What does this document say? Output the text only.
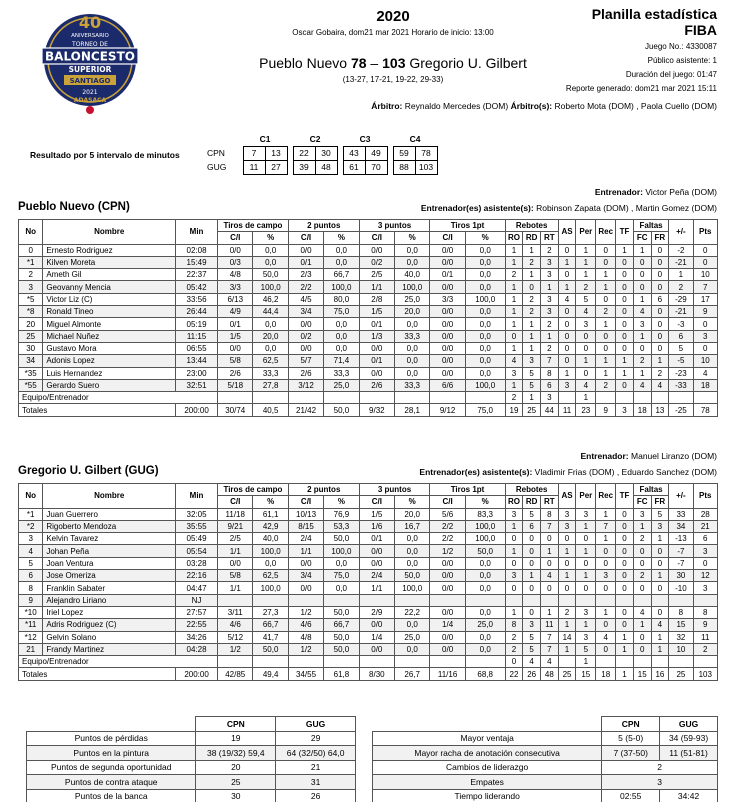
40
ANIVERSARIO
TORNEO DE
BALONCESTO
SUPERIOR
SANTIAGO
2021
ADASACA
2020
Oscar Gobaira, dom21 mar 2021 Horario de inicio: 13:00
Pueblo Nuevo 78 – 103 Gregorio U. Gilbert
(13-27, 17-21, 19-22, 29-33)
Planilla estadística
FIBA
Juego No.: 4330087
Público asistente: 1
Duración del juego: 01:47
Reporte generado: dom21 mar 2021 15:11
Árbitro: Reynaldo Mercedes (DOM) Árbitro(s): Roberto Mota (DOM) , Paola Cuello (DOM)
Resultado por 5 intervalo de minutos
	C1			C2			C3			C4	
CPN	7	13		22	30		43	49		59	78
GUG	11	27		39	48		61	70		88	103
Entrenador: Victor Peña (DOM)
Pueblo Nuevo (CPN)	Entrenador(es) asistente(s): Robinson Zapata (DOM) , Martin Gomez (DOM)
No	Nombre	Min	Tiros de campo		2 puntos		3 puntos		Tiros 1pt		Rebotes			AS	Per	Rec	TF	Faltas		+/-	Pts
			C/I	%	C/I	%	C/I	%	C/I	%	RO	RD	RT					FC	FR		
0	Ernesto Rodriguez	02:08	0/0	0,0	0/0	0,0	0/0	0,0	0/0	0,0	1	1	2	0	1	0	1	1	0	-2	0
*1	Kilven Moreta	15:49	0/3	0,0	0/1	0,0	0/2	0,0	0/0	0,0	1	2	3	1	1	0	0	0	0	-21	0
2	Ameth Gil	22:37	4/8	50,0	2/3	66,7	2/5	40,0	0/1	0,0	2	1	3	0	1	1	0	0	0	1	10
3	Geovanny Mencia	05:42	3/3	100,0	2/2	100,0	1/1	100,0	0/0	0,0	1	0	1	1	2	1	0	0	0	2	7
*5	Victor Liz (C)	33:56	6/13	46,2	4/5	80,0	2/8	25,0	3/3	100,0	1	2	3	4	5	0	0	1	6	-29	17
*8	Ronald Tineo	26:44	4/9	44,4	3/4	75,0	1/5	20,0	0/0	0,0	1	2	3	0	4	2	0	4	0	-21	9
20	Miguel Almonte	05:19	0/1	0,0	0/0	0,0	0/1	0,0	0/0	0,0	1	1	2	0	3	1	0	3	0	-3	0
25	Michael Nuñez	11:15	1/5	20,0	0/2	0,0	1/3	33,3	0/0	0,0	0	1	1	0	0	0	0	1	0	6	3
30	Gustavo Mora	06:55	0/0	0,0	0/0	0,0	0/0	0,0	0/0	0,0	1	1	2	0	0	0	0	0	0	5	0
34	Adonis Lopez	13:44	5/8	62,5	5/7	71,4	0/1	0,0	0/0	0,0	4	3	7	0	1	1	1	2	1	-5	10
*35	Luis Hernandez	23:00	2/6	33,3	2/6	33,3	0/0	0,0	0/0	0,0	3	5	8	1	0	1	1	1	2	-23	4
*55	Gerardo Suero	32:51	5/18	27,8	3/12	25,0	2/6	33,3	6/6	100,0	1	5	6	3	4	2	0	4	4	-33	18
Equipo/Entrenador											2	1	3		1						
Totales		200:00	30/74	40,5	21/42	50,0	9/32	28,1	9/12	75,0	19	25	44	11	23	9	3	18	13	-25	78
Entrenador: Manuel Liranzo (DOM)
Gregorio U. Gilbert (GUG)	Entrenador(es) asistente(s): Vladimir Frias (DOM) , Eduardo Sanchez (DOM)
No	Nombre	Min	Tiros de campo		2 puntos		3 puntos		Tiros 1pt		Rebotes			AS	Per	Rec	TF	Faltas		+/-	Pts
			C/I	%	C/I	%	C/I	%	C/I	%	RO	RD	RT					FC	FR		
*1	Juan Guerrero	32:05	11/18	61,1	10/13	76,9	1/5	20,0	5/6	83,3	3	5	8	3	3	1	0	3	5	33	28
*2	Rigoberto Mendoza	35:55	9/21	42,9	8/15	53,3	1/6	16,7	2/2	100,0	1	6	7	3	1	7	0	1	3	34	21
3	Kelvin Tavarez	05:49	2/5	40,0	2/4	50,0	0/1	0,0	2/2	100,0	0	0	0	0	0	1	0	2	1	-13	6
4	Johan Peña	05:54	1/1	100,0	1/1	100,0	0/0	0,0	1/2	50,0	1	0	1	1	1	0	0	0	0	-7	3
5	Joan Ventura	03:28	0/0	0,0	0/0	0,0	0/0	0,0	0/0	0,0	0	0	0	0	0	0	0	0	0	-7	0
6	Jose Omeriza	22:16	5/8	62,5	3/4	75,0	2/4	50,0	0/0	0,0	3	1	4	1	1	3	0	2	1	30	12
8	Franklin Sabater	04:47	1/1	100,0	0/0	0,0	1/1	100,0	0/0	0,0	0	0	0	0	0	0	0	0	0	-10	3
9	Alejandro Liriano	NJ																			
*10	Iriel Lopez	27:57	3/11	27,3	1/2	50,0	2/9	22,2	0/0	0,0	1	0	1	2	3	1	0	4	0	8	8
*11	Adris Rodriguez (C)	22:55	4/6	66,7	4/6	66,7	0/0	0,0	1/4	25,0	8	3	11	1	1	0	0	1	4	15	9
*12	Gelvin Solano	34:26	5/12	41,7	4/8	50,0	1/4	25,0	0/0	0,0	2	5	7	14	3	4	1	0	1	32	11
21	Frandy Martinez	04:28	1/2	50,0	1/2	50,0	0/0	0,0	0/0	0,0	2	5	7	1	5	0	1	0	1	10	2
Equipo/Entrenador											0	4	4		1						
Totales		200:00	42/85	49,4	34/55	61,8	8/30	26,7	11/16	68,8	22	26	48	25	15	18	1	15	16	25	103
	CPN	GUG
Puntos de pérdidas	19	29
Puntos en la pintura	38 (19/32) 59,4	64 (32/50) 64,0
Puntos de segunda oportunidad	20	21
Puntos de contra ataque	25	31
Puntos de la banca	30	26
	CPN	GUG
Mayor ventaja	5 (5-0)	34 (59-93)
Mayor racha de anotación consecutiva	7 (37-50)	11 (51-81)
Cambios de liderazgo	2	
Empates	3	
Tiempo liderando	02:55	34:42
